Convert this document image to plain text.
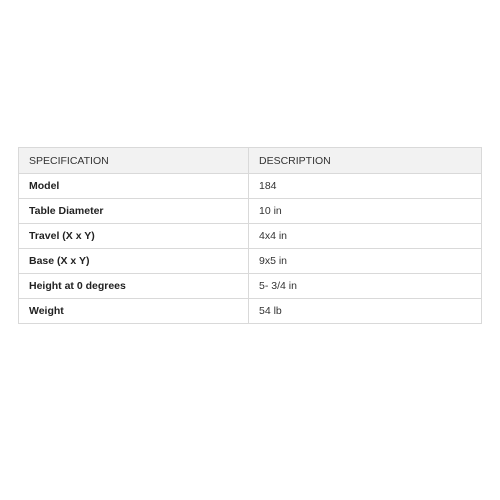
SPECIFICATION	DESCRIPTION
Model	184
Table Diameter	10 in
Travel (X x Y)	4x4 in
Base (X x Y)	9x5 in
Height at 0 degrees	5- 3/4 in
Weight	54 lb
